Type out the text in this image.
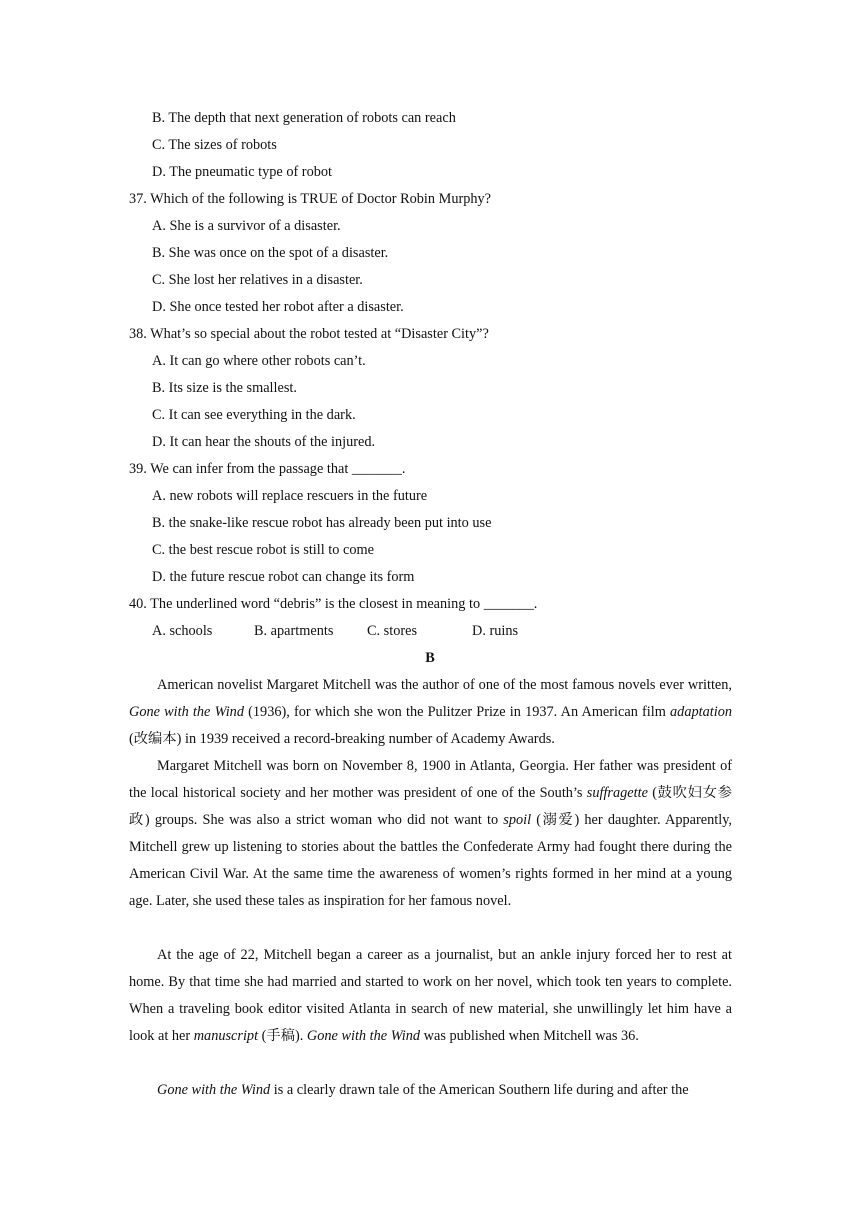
B. The depth that next generation of robots can reach
C. The sizes of robots
D. The pneumatic type of robot
37. Which of the following is TRUE of Doctor Robin Murphy?
A. She is a survivor of a disaster.
B. She was once on the spot of a disaster.
C. She lost her relatives in a disaster.
D. She once tested her robot after a disaster.
38. What’s so special about the robot tested at “Disaster City”?
A. It can go where other robots can’t.
B. Its size is the smallest.
C. It can see everything in the dark.
D. It can hear the shouts of the injured.
39. We can infer from the passage that _______.
A. new robots will replace rescuers in the future
B. the snake-like rescue robot has already been put into use
C. the best rescue robot is still to come
D. the future rescue robot can change its form
40. The underlined word “debris” is the closest in meaning to _______.
A. schools	B. apartments C. stores	D. ruins
B
American novelist Margaret Mitchell was the author of one of the most famous novels ever written, Gone with the Wind (1936), for which she won the Pulitzer Prize in 1937. An American film adaptation (改编本) in 1939 received a record-breaking number of Academy Awards.
Margaret Mitchell was born on November 8, 1900 in Atlanta, Georgia. Her father was president of the local historical society and her mother was president of one of the South’s suffragette (鼓吹妇女参政) groups. She was also a strict woman who did not want to spoil (溺爱) her daughter. Apparently, Mitchell grew up listening to stories about the battles the Confederate Army had fought there during the American Civil War. At the same time the awareness of women’s rights formed in her mind at a young age. Later, she used these tales as inspiration for her famous novel.
At the age of 22, Mitchell began a career as a journalist, but an ankle injury forced her to rest at home. By that time she had married and started to work on her novel, which took ten years to complete. When a traveling book editor visited Atlanta in search of new material, she unwillingly let him have a look at her manuscript (手稿). Gone with the Wind was published when Mitchell was 36.
Gone with the Wind is a clearly drawn tale of the American Southern life during and after the
